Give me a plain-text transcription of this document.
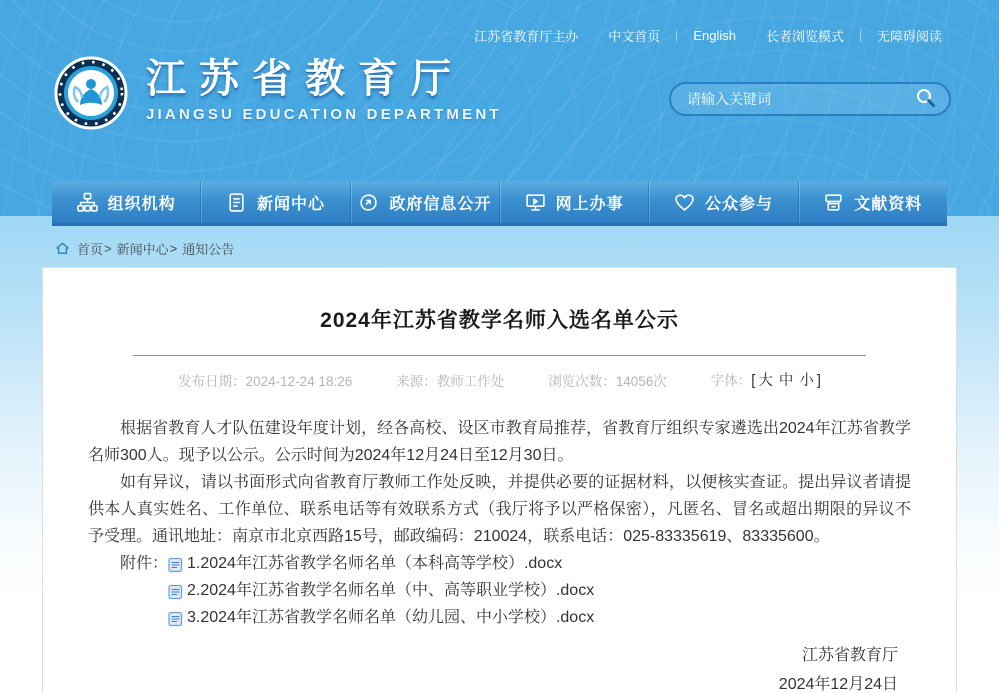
江苏省教育厅主办 中文首页 ｜ English 长者浏览模式 ｜ 无障碍阅读
江苏省教育厅
JIANGSU EDUCATION DEPARTMENT
请输入关键词
组织机构	新闻中心	政府信息公开	网上办事	公众参与	文献资料
首页 > 新闻中心 > 通知公告
2024年江苏省教学名师入选名单公示
发布日期：2024-12-24 18:26	来源：教师工作处	浏览次数：14056次	字体：[ 大 中 小 ]

根据省教育人才队伍建设年度计划，经各高校、设区市教育局推荐，省教育厅组织专家遴选出2024年江苏省教学名师300人。现予以公示。公示时间为2024年12月24日至12月30日。

如有异议，请以书面形式向省教育厅教师工作处反映，并提供必要的证据材料，以便核实查证。提出异议者请提供本人真实姓名、工作单位、联系电话等有效联系方式（我厅将予以严格保密），凡匿名、冒名或超出期限的异议不予受理。通讯地址：南京市北京西路15号，邮政编码：210024，联系电话：025-83335619、83335600。

附件： 1.2024年江苏省教学名师名单（本科高等学校）.docx
2.2024年江苏省教学名师名单（中、高等职业学校）.docx
3.2024年江苏省教学名师名单（幼儿园、中小学校）.docx
江苏省教育厅
2024年12月24日
